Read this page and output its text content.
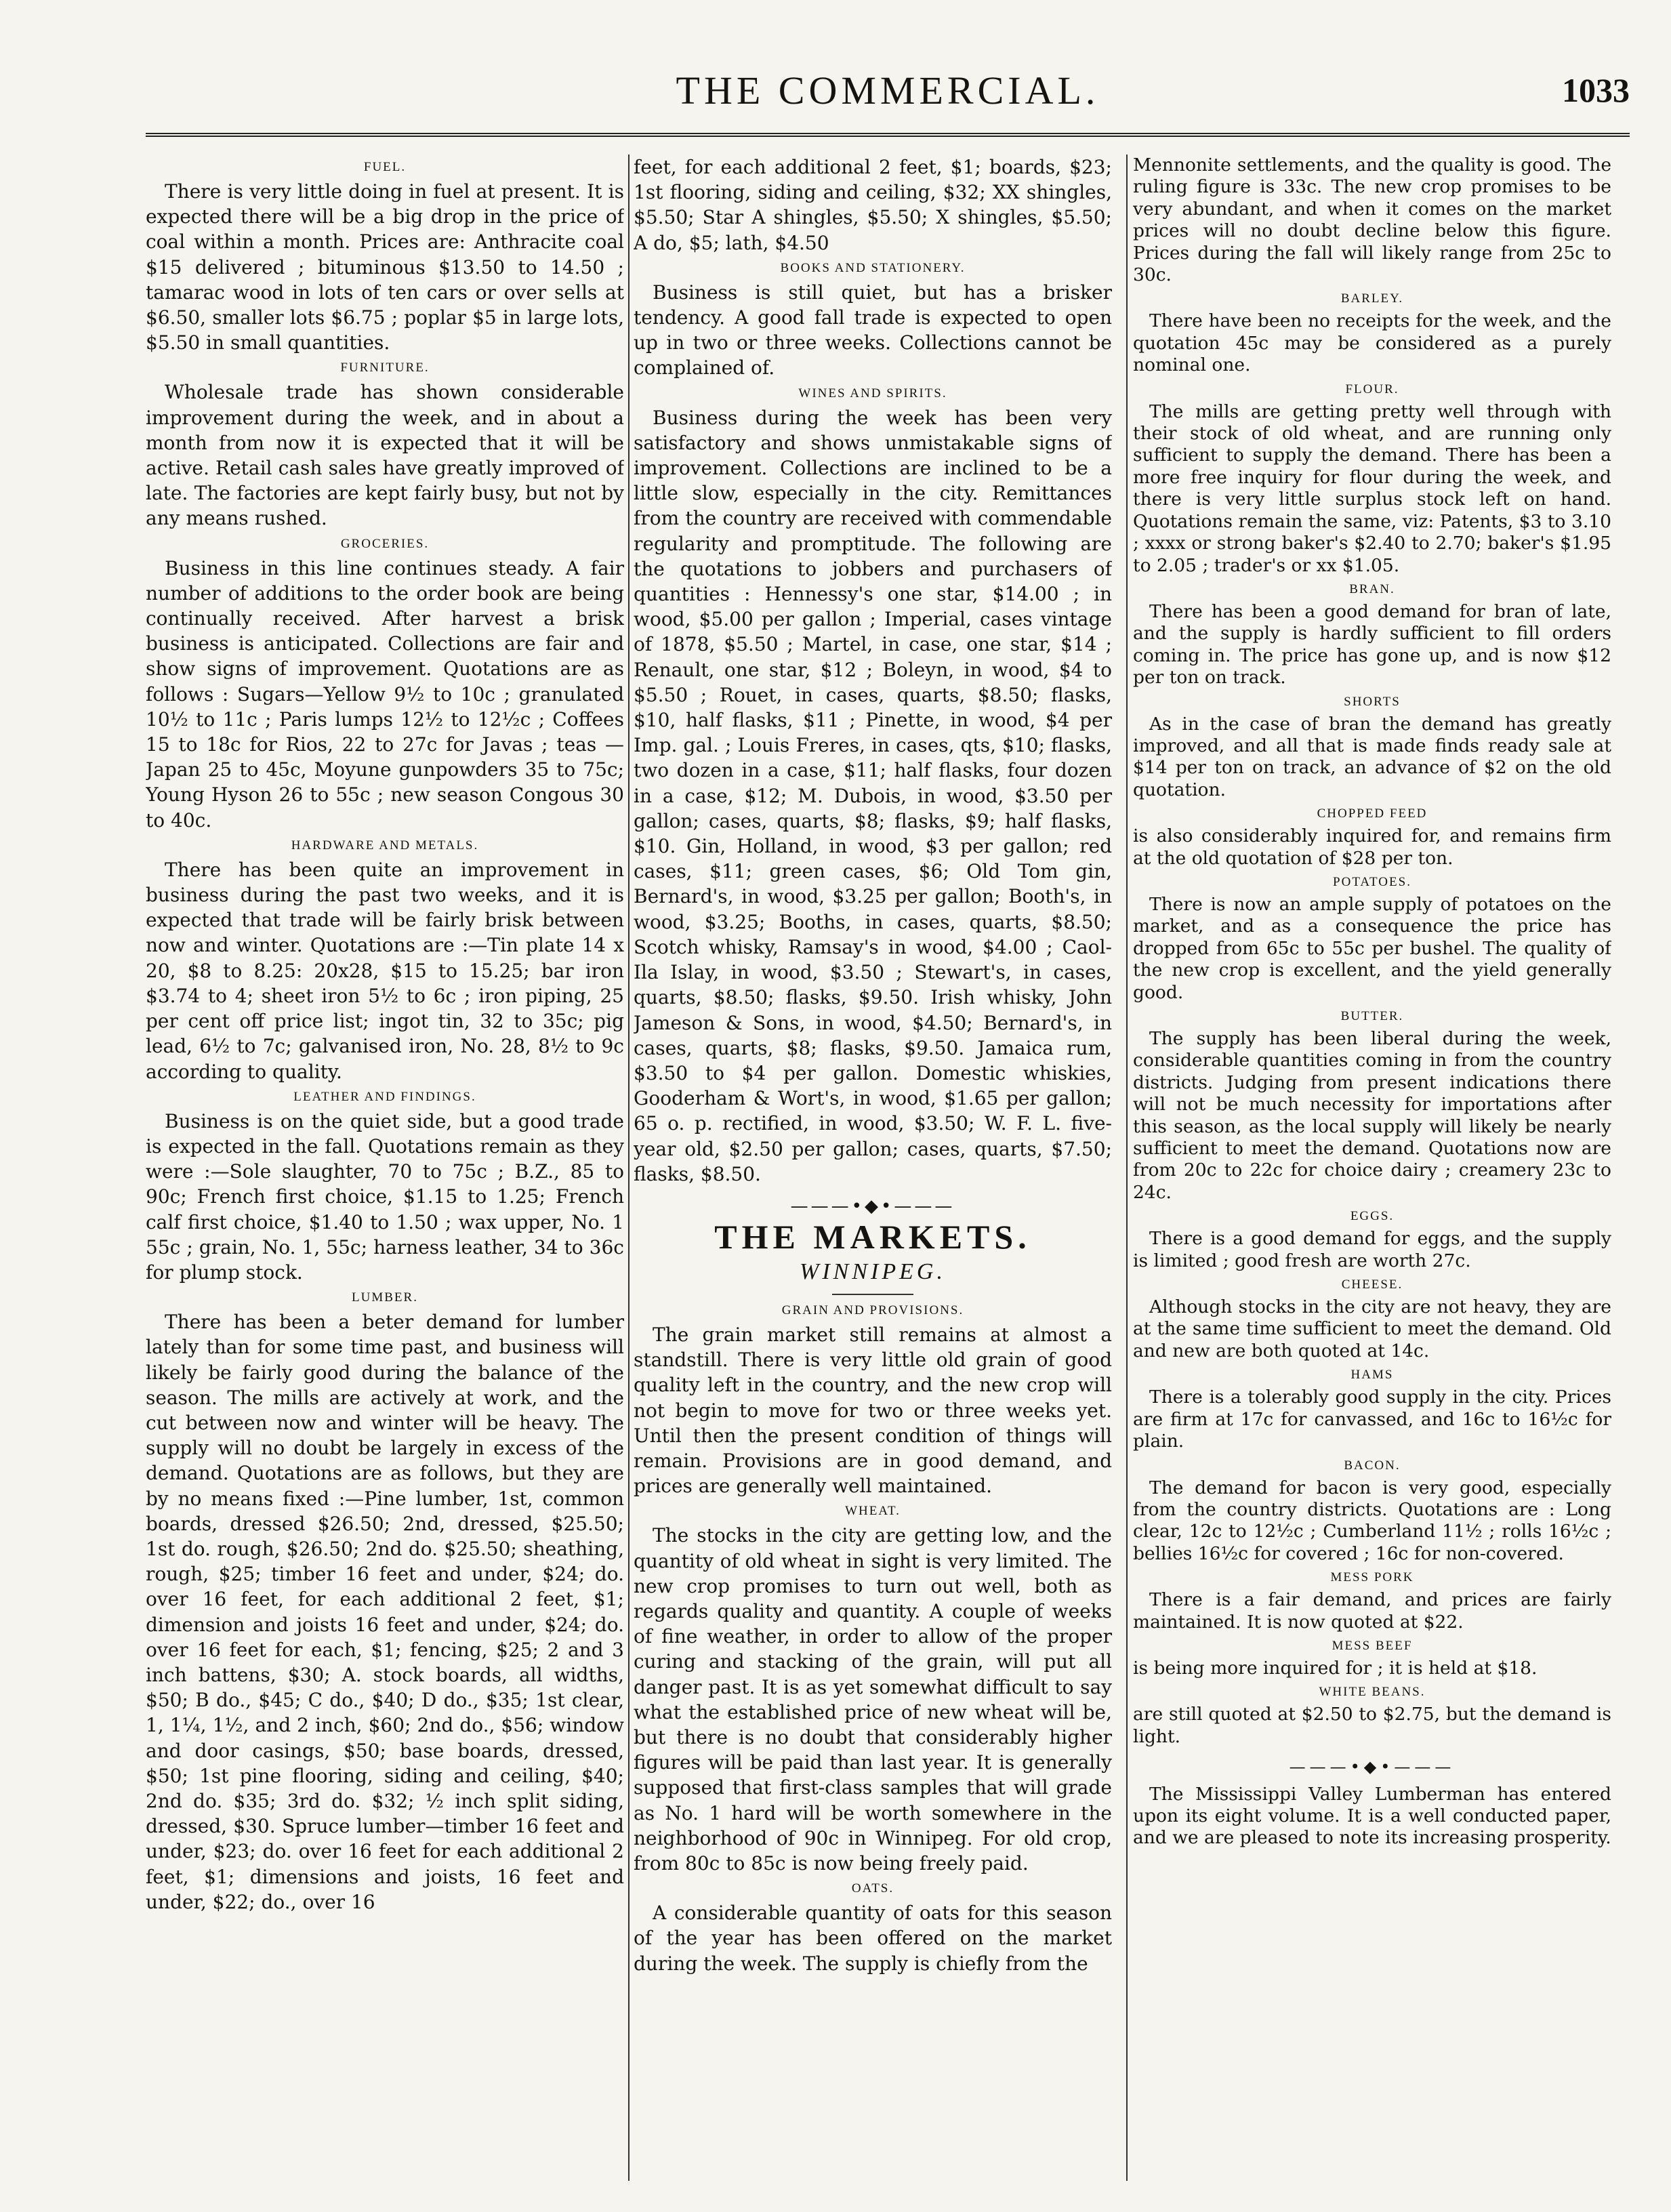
THE COMMERCIAL.	1033
FUEL.

There is very little doing in fuel at present. It is expected there will be a big drop in the price of coal within a month. Prices are: Anthracite coal $15 delivered ; bituminous $13.50 to 14.50 ; tamarac wood in lots of ten cars or over sells at $6.50, smaller lots $6.75 ; poplar $5 in large lots, $5.50 in small quantities.

FURNITURE.

Wholesale trade has shown considerable improvement during the week, and in about a month from now it is expected that it will be active. Retail cash sales have greatly improved of late. The factories are kept fairly busy, but not by any means rushed.

GROCERIES.

Business in this line continues steady. A fair number of additions to the order book are being continually received. After harvest a brisk business is anticipated. Collections are fair and show signs of improvement. Quotations are as follows : Sugars—Yellow 9½ to 10c ; granulated 10½ to 11c ; Paris lumps 12½ to 12½c ; Coffees 15 to 18c for Rios, 22 to 27c for Javas ; teas — Japan 25 to 45c, Moyune gunpowders 35 to 75c; Young Hyson 26 to 55c ; new season Congous 30 to 40c.

HARDWARE AND METALS.

There has been quite an improvement in business during the past two weeks, and it is expected that trade will be fairly brisk between now and winter. Quotations are :—Tin plate 14 x 20, $8 to 8.25: 20x28, $15 to 15.25; bar iron $3.74 to 4; sheet iron 5½ to 6c ; iron piping, 25 per cent off price list; ingot tin, 32 to 35c; pig lead, 6½ to 7c; galvanised iron, No. 28, 8½ to 9c according to quality.

LEATHER AND FINDINGS.

Business is on the quiet side, but a good trade is expected in the fall. Quotations remain as they were :—Sole slaughter, 70 to 75c ; B.Z., 85 to 90c; French first choice, $1.15 to 1.25; French calf first choice, $1.40 to 1.50 ; wax upper, No. 1 55c ; grain, No. 1, 55c; harness leather, 34 to 36c for plump stock.

LUMBER.

There has been a beter demand for lumber lately than for some time past, and business will likely be fairly good during the balance of the season. The mills are actively at work, and the cut between now and winter will be heavy. The supply will no doubt be largely in excess of the demand. Quotations are as follows, but they are by no means fixed :—Pine lumber, 1st, common boards, dressed $26.50; 2nd, dressed, $25.50; 1st do. rough, $26.50; 2nd do. $25.50; sheathing, rough, $25; timber 16 feet and under, $24; do. over 16 feet, for each additional 2 feet, $1; dimension and joists 16 feet and under, $24; do. over 16 feet for each, $1; fencing, $25; 2 and 3 inch battens, $30; A. stock boards, all widths, $50; B do., $45; C do., $40; D do., $35; 1st clear, 1, 1¼, 1½, and 2 inch, $60; 2nd do., $56; window and door casings, $50; base boards, dressed, $50; 1st pine flooring, siding and ceiling, $40; 2nd do. $35; 3rd do. $32; ½ inch split siding, dressed, $30. Spruce lumber—timber 16 feet and under, $23; do. over 16 feet for each additional 2 feet, $1; dimensions and joists, 16 feet and under, $22; do., over 16

feet, for each additional 2 feet, $1; boards, $23; 1st flooring, siding and ceiling, $32; XX shingles, $5.50; Star A shingles, $5.50; X shingles, $5.50; A do, $5; lath, $4.50

BOOKS AND STATIONERY.

Business is still quiet, but has a brisker tendency. A good fall trade is expected to open up in two or three weeks. Collections cannot be complained of.

WINES AND SPIRITS.

Business during the week has been very satisfactory and shows unmistakable signs of improvement. Collections are inclined to be a little slow, especially in the city. Remittances from the country are received with commendable regularity and promptitude. The following are the quotations to jobbers and purchasers of quantities : Hennessy's one star, $14.00 ; in wood, $5.00 per gallon ; Imperial, cases vintage of 1878, $5.50 ; Martel, in case, one star, $14 ; Renault, one star, $12 ; Boleyn, in wood, $4 to $5.50 ; Rouet, in cases, quarts, $8.50; flasks, $10, half flasks, $11 ; Pinette, in wood, $4 per Imp. gal. ; Louis Freres, in cases, qts, $10; flasks, two dozen in a case, $11; half flasks, four dozen in a case, $12; M. Dubois, in wood, $3.50 per gallon; cases, quarts, $8; flasks, $9; half flasks, $10. Gin, Holland, in wood, $3 per gallon; red cases, $11; green cases, $6; Old Tom gin, Bernard's, in wood, $3.25 per gallon; Booth's, in wood, $3.25; Booths, in cases, quarts, $8.50; Scotch whisky, Ramsay's in wood, $4.00 ; Caol-Ila Islay, in wood, $3.50 ; Stewart's, in cases, quarts, $8.50; flasks, $9.50. Irish whisky, John Jameson & Sons, in wood, $4.50; Bernard's, in cases, quarts, $8; flasks, $9.50. Jamaica rum, $3.50 to $4 per gallon. Domestic whiskies, Gooderham & Wort's, in wood, $1.65 per gallon; 65 o. p. rectified, in wood, $3.50; W. F. L. five-year old, $2.50 per gallon; cases, quarts, $7.50; flasks, $8.50.

———•◆•———
THE MARKETS.
WINNIPEG.
GRAIN AND PROVISIONS.

The grain market still remains at almost a standstill. There is very little old grain of good quality left in the country, and the new crop will not begin to move for two or three weeks yet. Until then the present condition of things will remain. Provisions are in good demand, and prices are generally well maintained.

WHEAT.

The stocks in the city are getting low, and the quantity of old wheat in sight is very limited. The new crop promises to turn out well, both as regards quality and quantity. A couple of weeks of fine weather, in order to allow of the proper curing and stacking of the grain, will put all danger past. It is as yet somewhat difficult to say what the established price of new wheat will be, but there is no doubt that considerably higher figures will be paid than last year. It is generally supposed that first-class samples that will grade as No. 1 hard will be worth somewhere in the neighborhood of 90c in Winnipeg. For old crop, from 80c to 85c is now being freely paid.

OATS.

A considerable quantity of oats for this season of the year has been offered on the market during the week. The supply is chiefly from the

Mennonite settlements, and the quality is good. The ruling figure is 33c. The new crop promises to be very abundant, and when it comes on the market prices will no doubt decline below this figure. Prices during the fall will likely range from 25c to 30c.

BARLEY.

There have been no receipts for the week, and the quotation 45c may be considered as a purely nominal one.

FLOUR.

The mills are getting pretty well through with their stock of old wheat, and are running only sufficient to supply the demand. There has been a more free inquiry for flour during the week, and there is very little surplus stock left on hand. Quotations remain the same, viz: Patents, $3 to 3.10 ; xxxx or strong baker's $2.40 to 2.70; baker's $1.95 to 2.05 ; trader's or xx $1.05.

BRAN.

There has been a good demand for bran of late, and the supply is hardly sufficient to fill orders coming in. The price has gone up, and is now $12 per ton on track.

SHORTS

As in the case of bran the demand has greatly improved, and all that is made finds ready sale at $14 per ton on track, an advance of $2 on the old quotation.

CHOPPED FEED

is also considerably inquired for, and remains firm at the old quotation of $28 per ton.

POTATOES.

There is now an ample supply of potatoes on the market, and as a consequence the price has dropped from 65c to 55c per bushel. The quality of the new crop is excellent, and the yield generally good.

BUTTER.

The supply has been liberal during the week, considerable quantities coming in from the country districts. Judging from present indications there will not be much necessity for importations after this season, as the local supply will likely be nearly sufficient to meet the demand. Quotations now are from 20c to 22c for choice dairy ; creamery 23c to 24c.

EGGS.

There is a good demand for eggs, and the supply is limited ; good fresh are worth 27c.

CHEESE.

Although stocks in the city are not heavy, they are at the same time sufficient to meet the demand. Old and new are both quoted at 14c.

HAMS

There is a tolerably good supply in the city. Prices are firm at 17c for canvassed, and 16c to 16½c for plain.

BACON.

The demand for bacon is very good, especially from the country districts. Quotations are : Long clear, 12c to 12½c ; Cumberland 11½ ; rolls 16½c ; bellies 16½c for covered ; 16c for non-covered.

MESS PORK

There is a fair demand, and prices are fairly maintained. It is now quoted at $22.

MESS BEEF

is being more inquired for ; it is held at $18.

WHITE BEANS.

are still quoted at $2.50 to $2.75, but the demand is light.

———•◆•———

The Mississippi Valley Lumberman has entered upon its eight volume. It is a well conducted paper, and we are pleased to note its increasing prosperity.
